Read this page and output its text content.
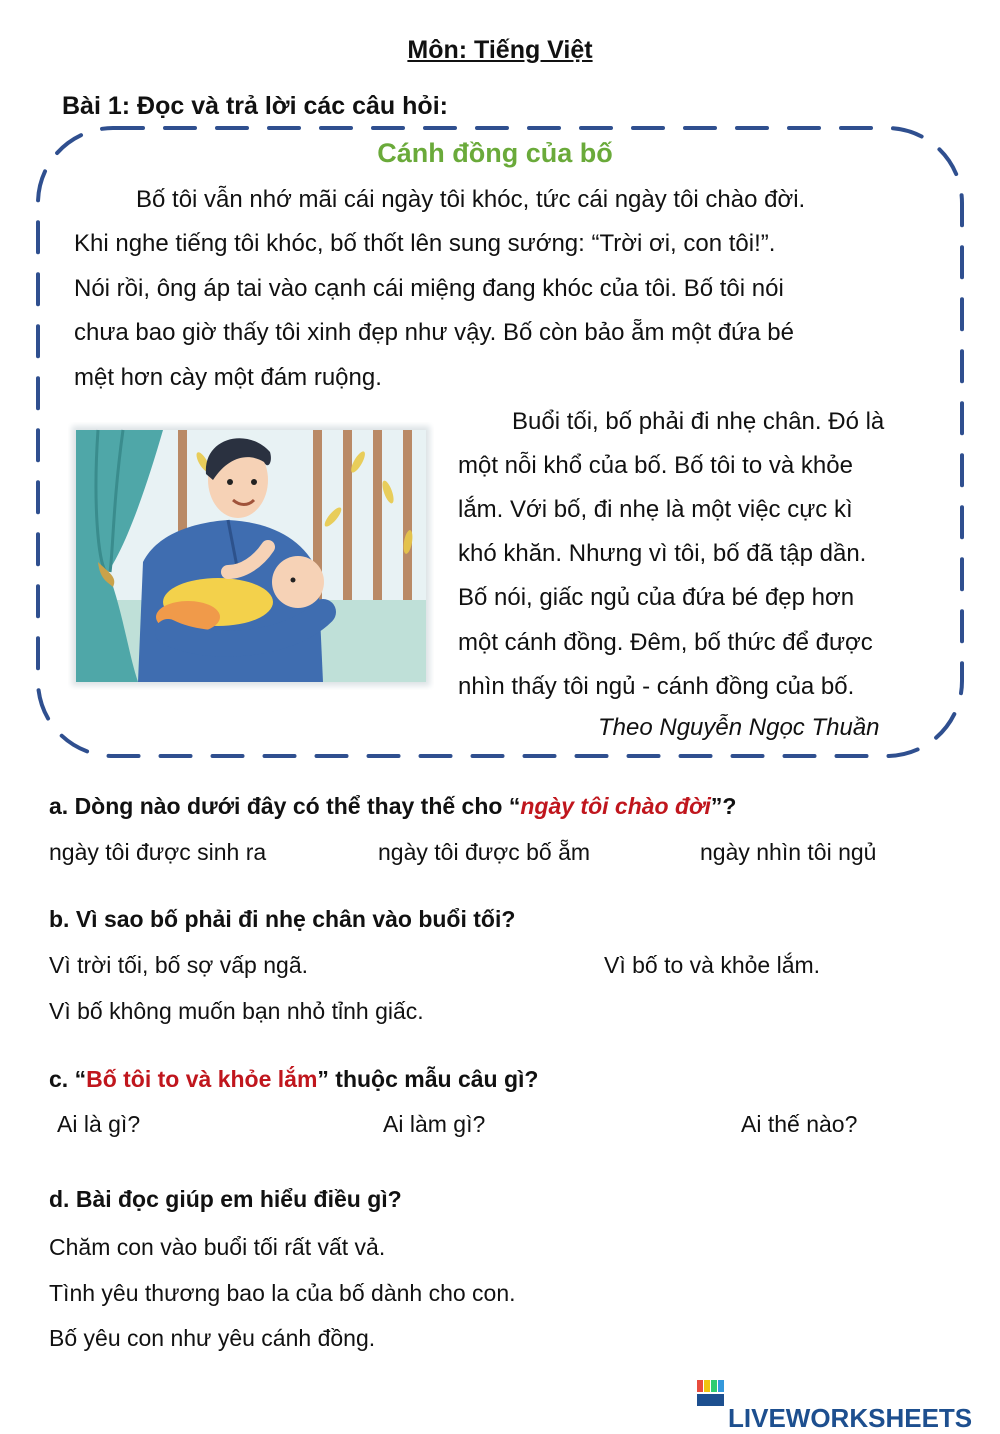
Môn: Tiếng Việt

Bài 1: Đọc và trả lời các câu hỏi:

Cánh đồng của bố

Bố tôi vẫn nhớ mãi cái ngày tôi khóc, tức cái ngày tôi chào đời.

Khi nghe tiếng tôi khóc, bố thốt lên sung sướng: “Trời ơi, con tôi!”.

Nói rồi, ông áp tai vào cạnh cái miệng đang khóc của tôi. Bố tôi nói

chưa bao giờ thấy tôi xinh đẹp như vậy. Bố còn bảo ẵm một đứa bé

mệt hơn cày một đám ruộng.

Buổi tối, bố phải đi nhẹ chân. Đó là

một nỗi khổ của bố. Bố tôi to và khỏe

lắm. Với bố, đi nhẹ là một việc cực kì

khó khăn. Nhưng vì tôi, bố đã tập dần.

Bố nói, giấc ngủ của đứa bé đẹp hơn

một cánh đồng. Đêm, bố thức để được

nhìn thấy tôi ngủ - cánh đồng của bố.

Theo Nguyễn Ngọc Thuần

a. Dòng nào dưới đây có thể thay thế cho “ngày tôi chào đời”?

ngày tôi được sinh ra	ngày tôi được bố ẵm	ngày nhìn tôi ngủ

b. Vì sao bố phải đi nhẹ chân vào buổi tối?

Vì trời tối, bố sợ vấp ngã.	Vì bố to và khỏe lắm.

Vì bố không muốn bạn nhỏ tỉnh giấc.

c. “Bố tôi to và khỏe lắm” thuộc mẫu câu gì?

Ai là gì?	Ai làm gì?	Ai thế nào?

d. Bài đọc giúp em hiểu điều gì?

Chăm con vào buổi tối rất vất vả.

Tình yêu thương bao la của bố dành cho con.

Bố yêu con như yêu cánh đồng.

LIVEWORKSHEETS
